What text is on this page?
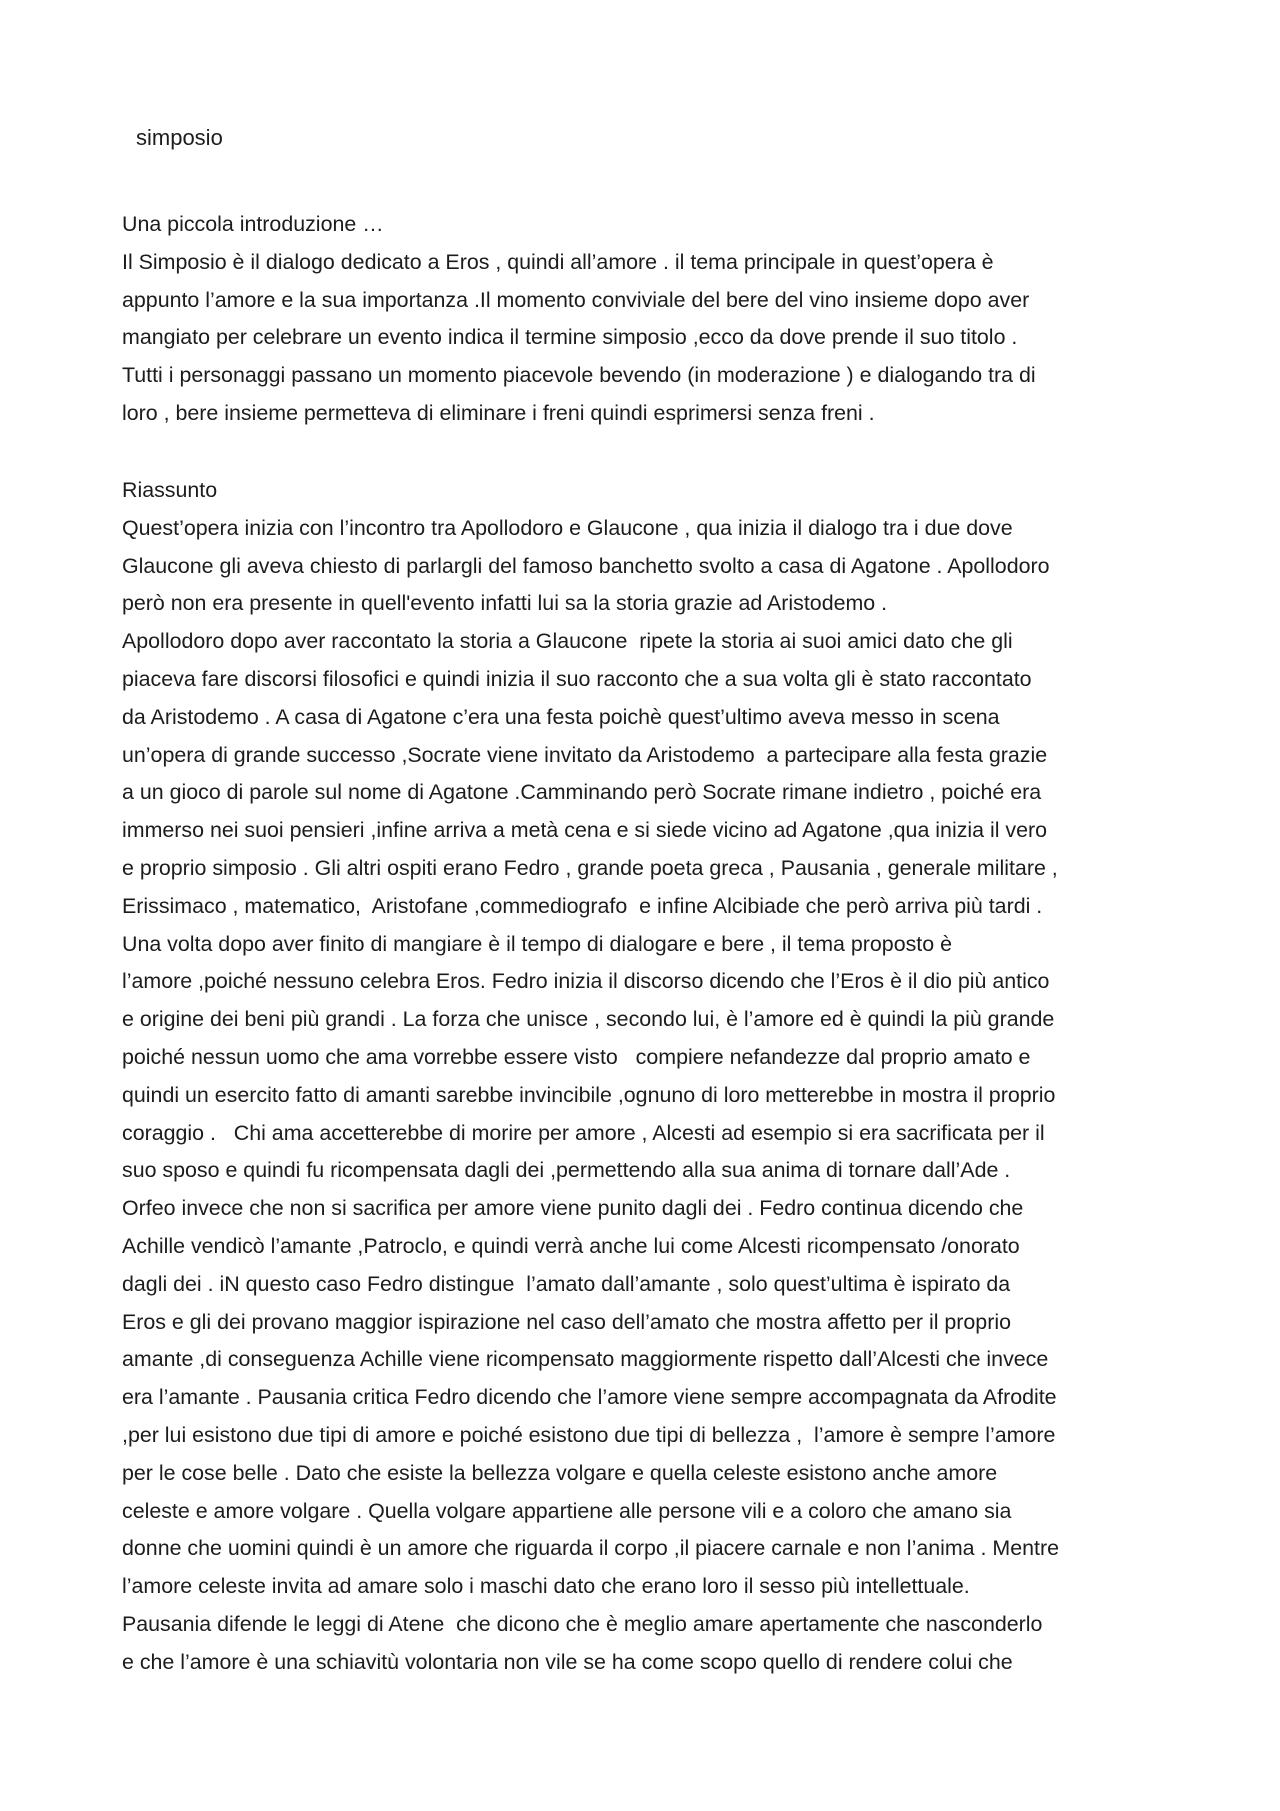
simposio
Una piccola introduzione …
Il Simposio è il dialogo dedicato a Eros , quindi all’amore . il tema principale in quest’opera è
appunto l’amore e la sua importanza .Il momento conviviale del bere del vino insieme dopo aver
mangiato per celebrare un evento indica il termine simposio ,ecco da dove prende il suo titolo .
Tutti i personaggi passano un momento piacevole bevendo (in moderazione ) e dialogando tra di
loro , bere insieme permetteva di eliminare i freni quindi esprimersi senza freni .
Riassunto
Quest’opera inizia con l’incontro tra Apollodoro e Glaucone , qua inizia il dialogo tra i due dove
Glaucone gli aveva chiesto di parlargli del famoso banchetto svolto a casa di Agatone . Apollodoro
però non era presente in quell'evento infatti lui sa la storia grazie ad Aristodemo .
Apollodoro dopo aver raccontato la storia a Glaucone  ripete la storia ai suoi amici dato che gli
piaceva fare discorsi filosofici e quindi inizia il suo racconto che a sua volta gli è stato raccontato
da Aristodemo . A casa di Agatone c’era una festa poichè quest’ultimo aveva messo in scena
un’opera di grande successo ,Socrate viene invitato da Aristodemo  a partecipare alla festa grazie
a un gioco di parole sul nome di Agatone .Camminando però Socrate rimane indietro , poiché era
immerso nei suoi pensieri ,infine arriva a metà cena e si siede vicino ad Agatone ,qua inizia il vero
e proprio simposio . Gli altri ospiti erano Fedro , grande poeta greca , Pausania , generale militare ,
Erissimaco , matematico,  Aristofane ,commediografo  e infine Alcibiade che però arriva più tardi .
Una volta dopo aver finito di mangiare è il tempo di dialogare e bere , il tema proposto è
l’amore ,poiché nessuno celebra Eros. Fedro inizia il discorso dicendo che l’Eros è il dio più antico
e origine dei beni più grandi . La forza che unisce , secondo lui, è l’amore ed è quindi la più grande
poiché nessun uomo che ama vorrebbe essere visto   compiere nefandezze dal proprio amato e
quindi un esercito fatto di amanti sarebbe invincibile ,ognuno di loro metterebbe in mostra il proprio
coraggio .   Chi ama accetterebbe di morire per amore , Alcesti ad esempio si era sacrificata per il
suo sposo e quindi fu ricompensata dagli dei ,permettendo alla sua anima di tornare dall’Ade .
Orfeo invece che non si sacrifica per amore viene punito dagli dei . Fedro continua dicendo che
Achille vendicò l’amante ,Patroclo, e quindi verrà anche lui come Alcesti ricompensato /onorato
dagli dei . iN questo caso Fedro distingue  l’amato dall’amante , solo quest’ultima è ispirato da
Eros e gli dei provano maggior ispirazione nel caso dell’amato che mostra affetto per il proprio
amante ,di conseguenza Achille viene ricompensato maggiormente rispetto dall’Alcesti che invece
era l’amante . Pausania critica Fedro dicendo che l’amore viene sempre accompagnata da Afrodite
,per lui esistono due tipi di amore e poiché esistono due tipi di bellezza ,  l’amore è sempre l’amore
per le cose belle . Dato che esiste la bellezza volgare e quella celeste esistono anche amore
celeste e amore volgare . Quella volgare appartiene alle persone vili e a coloro che amano sia
donne che uomini quindi è un amore che riguarda il corpo ,il piacere carnale e non l’anima . Mentre
l’amore celeste invita ad amare solo i maschi dato che erano loro il sesso più intellettuale.
Pausania difende le leggi di Atene  che dicono che è meglio amare apertamente che nasconderlo
e che l’amore è una schiavitù volontaria non vile se ha come scopo quello di rendere colui che
